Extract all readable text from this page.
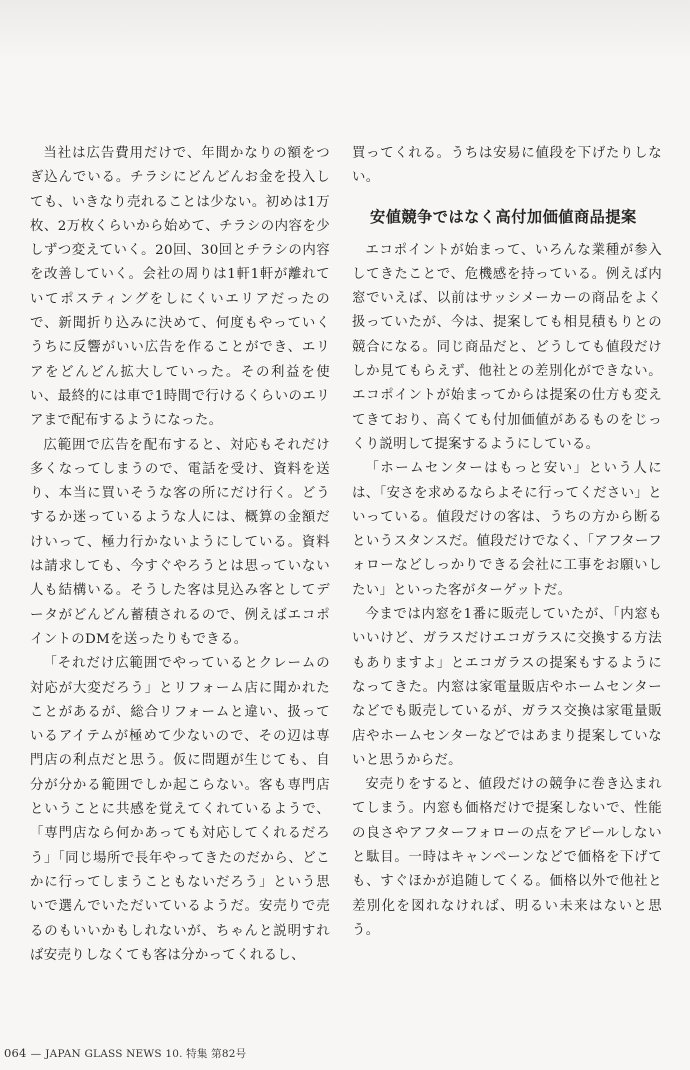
当社は広告費用だけで、年間かなりの額をつぎ込んでいる。チラシにどんどんお金を投入しても、いきなり売れることは少ない。初めは1万枚、2万枚くらいから始めて、チラシの内容を少しずつ変えていく。20回、30回とチラシの内容を改善していく。会社の周りは1軒1軒が離れていてポスティングをしにくいエリアだったので、新聞折り込みに決めて、何度もやっていくうちに反響がいい広告を作ることができ、エリアをどんどん拡大していった。その利益を使い、最終的には車で1時間で行けるくらいのエリアまで配布するようになった。

広範囲で広告を配布すると、対応もそれだけ多くなってしまうので、電話を受け、資料を送り、本当に買いそうな客の所にだけ行く。どうするか迷っているような人には、概算の金額だけいって、極力行かないようにしている。資料は請求しても、今すぐやろうとは思っていない人も結構いる。そうした客は見込み客としてデータがどんどん蓄積されるので、例えばエコポイントのDMを送ったりもできる。

「それだけ広範囲でやっているとクレームの対応が大変だろう」とリフォーム店に聞かれたことがあるが、総合リフォームと違い、扱っているアイテムが極めて少ないので、その辺は専門店の利点だと思う。仮に問題が生じても、自分が分かる範囲でしか起こらない。客も専門店ということに共感を覚えてくれているようで、「専門店なら何かあっても対応してくれるだろう」「同じ場所で長年やってきたのだから、どこかに行ってしまうこともないだろう」という思いで選んでいただいているようだ。安売りで売るのもいいかもしれないが、ちゃんと説明すれば安売りしなくても客は分かってくれるし、

買ってくれる。うちは安易に値段を下げたりしない。

安値競争ではなく高付加価値商品提案

エコポイントが始まって、いろんな業種が参入してきたことで、危機感を持っている。例えば内窓でいえば、以前はサッシメーカーの商品をよく扱っていたが、今は、提案しても相見積もりとの競合になる。同じ商品だと、どうしても値段だけしか見てもらえず、他社との差別化ができない。エコポイントが始まってからは提案の仕方も変えてきており、高くても付加価値があるものをじっくり説明して提案するようにしている。

「ホームセンターはもっと安い」という人には、「安さを求めるならよそに行ってください」といっている。値段だけの客は、うちの方から断るというスタンスだ。値段だけでなく、「アフターフォローなどしっかりできる会社に工事をお願いしたい」といった客がターゲットだ。

今までは内窓を1番に販売していたが、「内窓もいいけど、ガラスだけエコガラスに交換する方法もありますよ」とエコガラスの提案もするようになってきた。内窓は家電量販店やホームセンターなどでも販売しているが、ガラス交換は家電量販店やホームセンターなどではあまり提案していないと思うからだ。

安売りをすると、値段だけの競争に巻き込まれてしまう。内窓も価格だけで提案しないで、性能の良さやアフターフォローの点をアピールしないと駄目。一時はキャンペーンなどで価格を下げても、すぐほかが追随してくる。価格以外で他社と差別化を図れなければ、明るい未来はないと思う。

064 — JAPAN GLASS NEWS 10. 特集 第82号
